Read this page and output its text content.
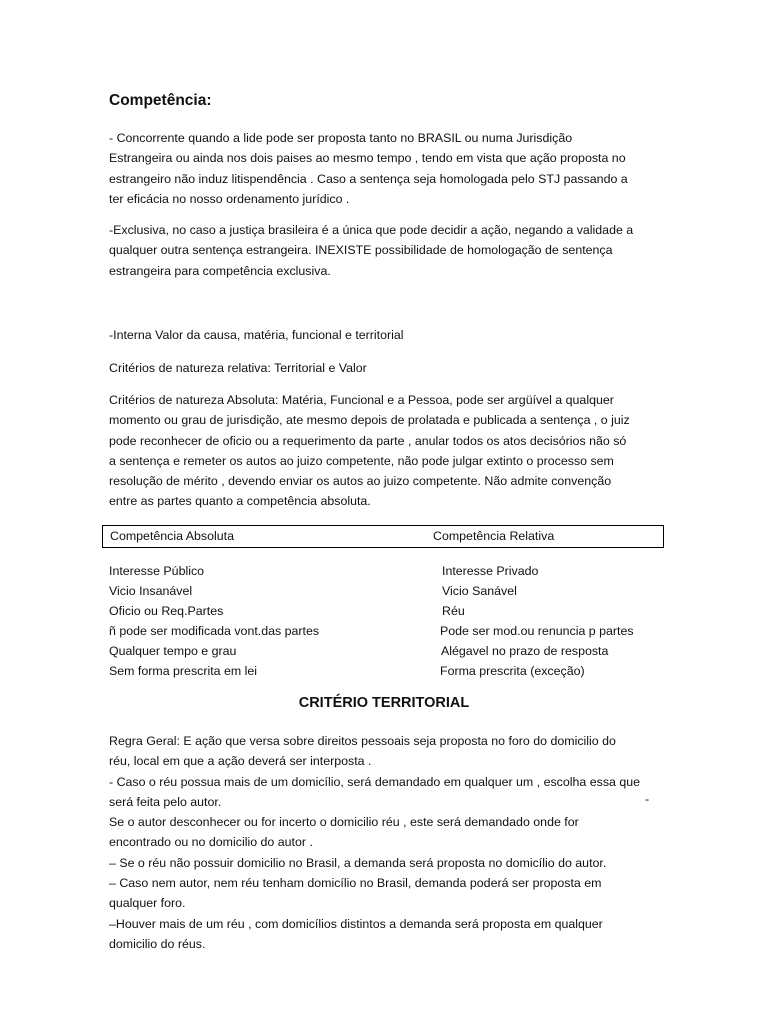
Competência:

- Concorrente quando a lide pode ser proposta tanto no BRASIL ou numa Jurisdição
Estrangeira ou ainda nos dois paises ao mesmo tempo , tendo em vista que ação proposta no
estrangeiro não induz litispendência . Caso a sentença seja homologada pelo STJ passando a
ter eficácia no nosso ordenamento jurídico .

-Exclusiva, no caso a justiça brasileira é a única que pode decidir a ação, negando a validade a
qualquer outra sentença estrangeira. INEXISTE possibilidade de homologação de sentença
estrangeira para competência exclusiva.

-Interna Valor da causa, matéria, funcional e territorial

Critérios de natureza relativa: Territorial e Valor

Critérios de natureza Absoluta: Matéria, Funcional e a Pessoa, pode ser argüível a qualquer
momento ou grau de jurisdição, ate mesmo depois de prolatada e publicada a sentença , o juiz
pode reconhecer de oficio ou a requerimento da parte , anular todos os atos decisórios não só
a sentença e remeter os autos ao juizo competente, não pode julgar extinto o processo sem
resolução de mérito , devendo enviar os autos ao juizo competente. Não admite convenção
entre as partes quanto a competência absoluta.

Competência Absoluta	Competência Relativa
Interesse Público
Vicio Insanável
Oficio ou Req.Partes
ñ pode ser modificada vont.das partes
Qualquer tempo e grau
Sem forma prescrita em lei
Interesse Privado
Vicio Sanável
Réu
Pode ser mod.ou renuncia p partes
Alégavel no prazo de resposta
Forma prescrita (exceção)
CRITÉRIO TERRITORIAL

Regra Geral: E ação que versa sobre direitos pessoais seja proposta no foro do domicilio do
réu, local em que a ação deverá ser interposta .
- Caso o réu possua mais de um domicílio, será demandado em qualquer um , escolha essa que
será feita pelo autor.
Se o autor desconhecer ou for incerto o domicilio réu , este será demandado onde for
encontrado ou no domicilio do autor .
– Se o réu não possuir domicilio no Brasil, a demanda será proposta no domicílio do autor.
– Caso nem autor, nem réu tenham domicílio no Brasil, demanda poderá ser proposta em
qualquer foro.
–Houver mais de um réu , com domicílios distintos a demanda será proposta em qualquer
domicilio do réus.

-
